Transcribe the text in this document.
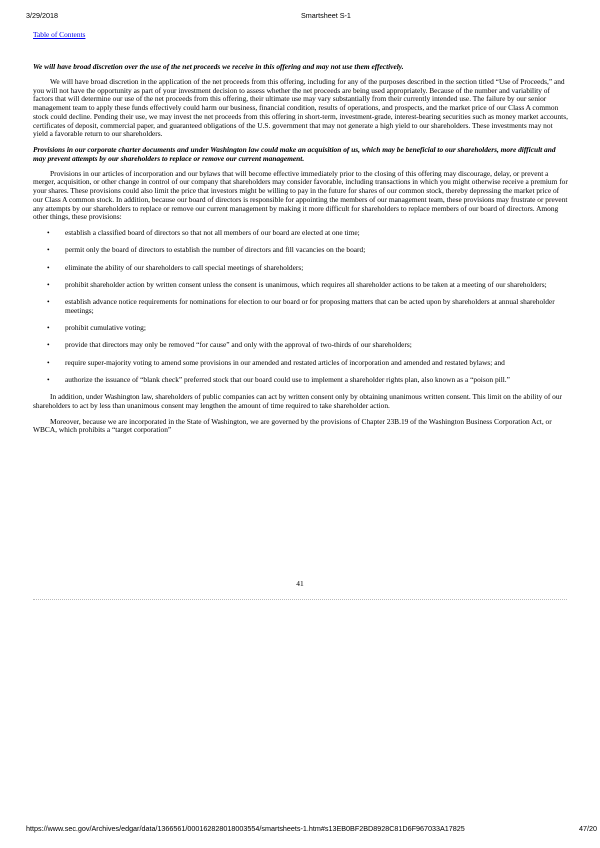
3/29/2018	Smartsheet S-1
Table of Contents

We will have broad discretion over the use of the net proceeds we receive in this offering and may not use them effectively.

We will have broad discretion in the application of the net proceeds from this offering, including for any of the purposes described in the section titled “Use of Proceeds,” and you will not have the opportunity as part of your investment decision to assess whether the net proceeds are being used appropriately. Because of the number and variability of factors that will determine our use of the net proceeds from this offering, their ultimate use may vary substantially from their currently intended use. The failure by our senior management team to apply these funds effectively could harm our business, financial condition, results of operations, and prospects, and the market price of our Class A common stock could decline. Pending their use, we may invest the net proceeds from this offering in short-term, investment-grade, interest-bearing securities such as money market accounts, certificates of deposit, commercial paper, and guaranteed obligations of the U.S. government that may not generate a high yield to our shareholders. These investments may not yield a favorable return to our shareholders.

Provisions in our corporate charter documents and under Washington law could make an acquisition of us, which may be beneficial to our shareholders, more difficult and may prevent attempts by our shareholders to replace or remove our current management.

Provisions in our articles of incorporation and our bylaws that will become effective immediately prior to the closing of this offering may discourage, delay, or prevent a merger, acquisition, or other change in control of our company that shareholders may consider favorable, including transactions in which you might otherwise receive a premium for your shares. These provisions could also limit the price that investors might be willing to pay in the future for shares of our common stock, thereby depressing the market price of our Class A common stock. In addition, because our board of directors is responsible for appointing the members of our management team, these provisions may frustrate or prevent any attempts by our shareholders to replace or remove our current management by making it more difficult for shareholders to replace members of our board of directors. Among other things, these provisions:

• establish a classified board of directors so that not all members of our board are elected at one time;
• permit only the board of directors to establish the number of directors and fill vacancies on the board;
• eliminate the ability of our shareholders to call special meetings of shareholders;
• prohibit shareholder action by written consent unless the consent is unanimous, which requires all shareholder actions to be taken at a meeting of our shareholders;
• establish advance notice requirements for nominations for election to our board or for proposing matters that can be acted upon by shareholders at annual shareholder meetings;
• prohibit cumulative voting;
• provide that directors may only be removed “for cause” and only with the approval of two-thirds of our shareholders;
• require super-majority voting to amend some provisions in our amended and restated articles of incorporation and amended and restated bylaws; and
• authorize the issuance of “blank check” preferred stock that our board could use to implement a shareholder rights plan, also known as a “poison pill.”

In addition, under Washington law, shareholders of public companies can act by written consent only by obtaining unanimous written consent. This limit on the ability of our shareholders to act by less than unanimous consent may lengthen the amount of time required to take shareholder action.

Moreover, because we are incorporated in the State of Washington, we are governed by the provisions of Chapter 23B.19 of the Washington Business Corporation Act, or WBCA, which prohibits a “target corporation”

41
https://www.sec.gov/Archives/edgar/data/1366561/000162828018003554/smartsheets-1.htm#s13EB0BF2BD8928C81D6F967033A17825	47/20
